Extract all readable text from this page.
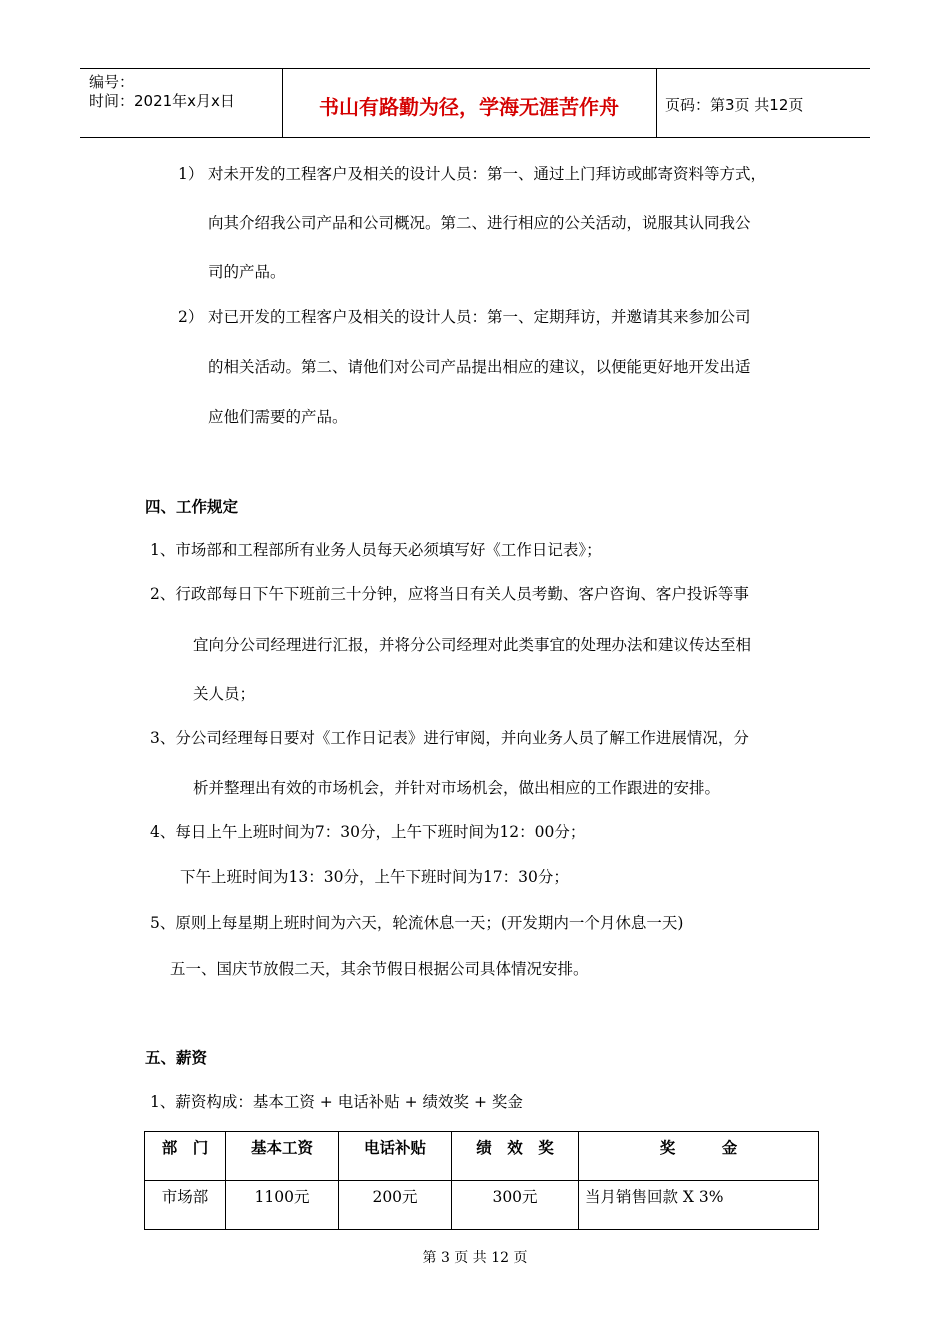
编号：
时间：2021年x月x日	书山有路勤为径，学海无涯苦作舟	页码：第3页 共12页
1） 对未开发的工程客户及相关的设计人员：第一、通过上门拜访或邮寄资料等方式，
向其介绍我公司产品和公司概况。第二、进行相应的公关活动，说服其认同我公
司的产品。
2） 对已开发的工程客户及相关的设计人员：第一、定期拜访，并邀请其来参加公司
的相关活动。第二、请他们对公司产品提出相应的建议，以便能更好地开发出适
应他们需要的产品。
四、工作规定
1、市场部和工程部所有业务人员每天必须填写好《工作日记表》；
2、行政部每日下午下班前三十分钟，应将当日有关人员考勤、客户咨询、客户投诉等事
宜向分公司经理进行汇报，并将分公司经理对此类事宜的处理办法和建议传达至相
关人员；
3、分公司经理每日要对《工作日记表》进行审阅，并向业务人员了解工作进展情况，分
析并整理出有效的市场机会，并针对市场机会，做出相应的工作跟进的安排。
4、每日上午上班时间为7：30分，上午下班时间为12：00分；
下午上班时间为13：30分，上午下班时间为17：30分；
5、原则上每星期上班时间为六天，轮流休息一天；(开发期内一个月休息一天)
五一、国庆节放假二天，其余节假日根据公司具体情况安排。
五、薪资
1、薪资构成：基本工资 + 电话补贴 + 绩效奖 + 奖金
部　门	基本工资	电话补贴	绩　效　奖	奖　　　金
市场部	1100元	200元	300元	当月销售回款 X 3%
第 3 页 共 12 页
